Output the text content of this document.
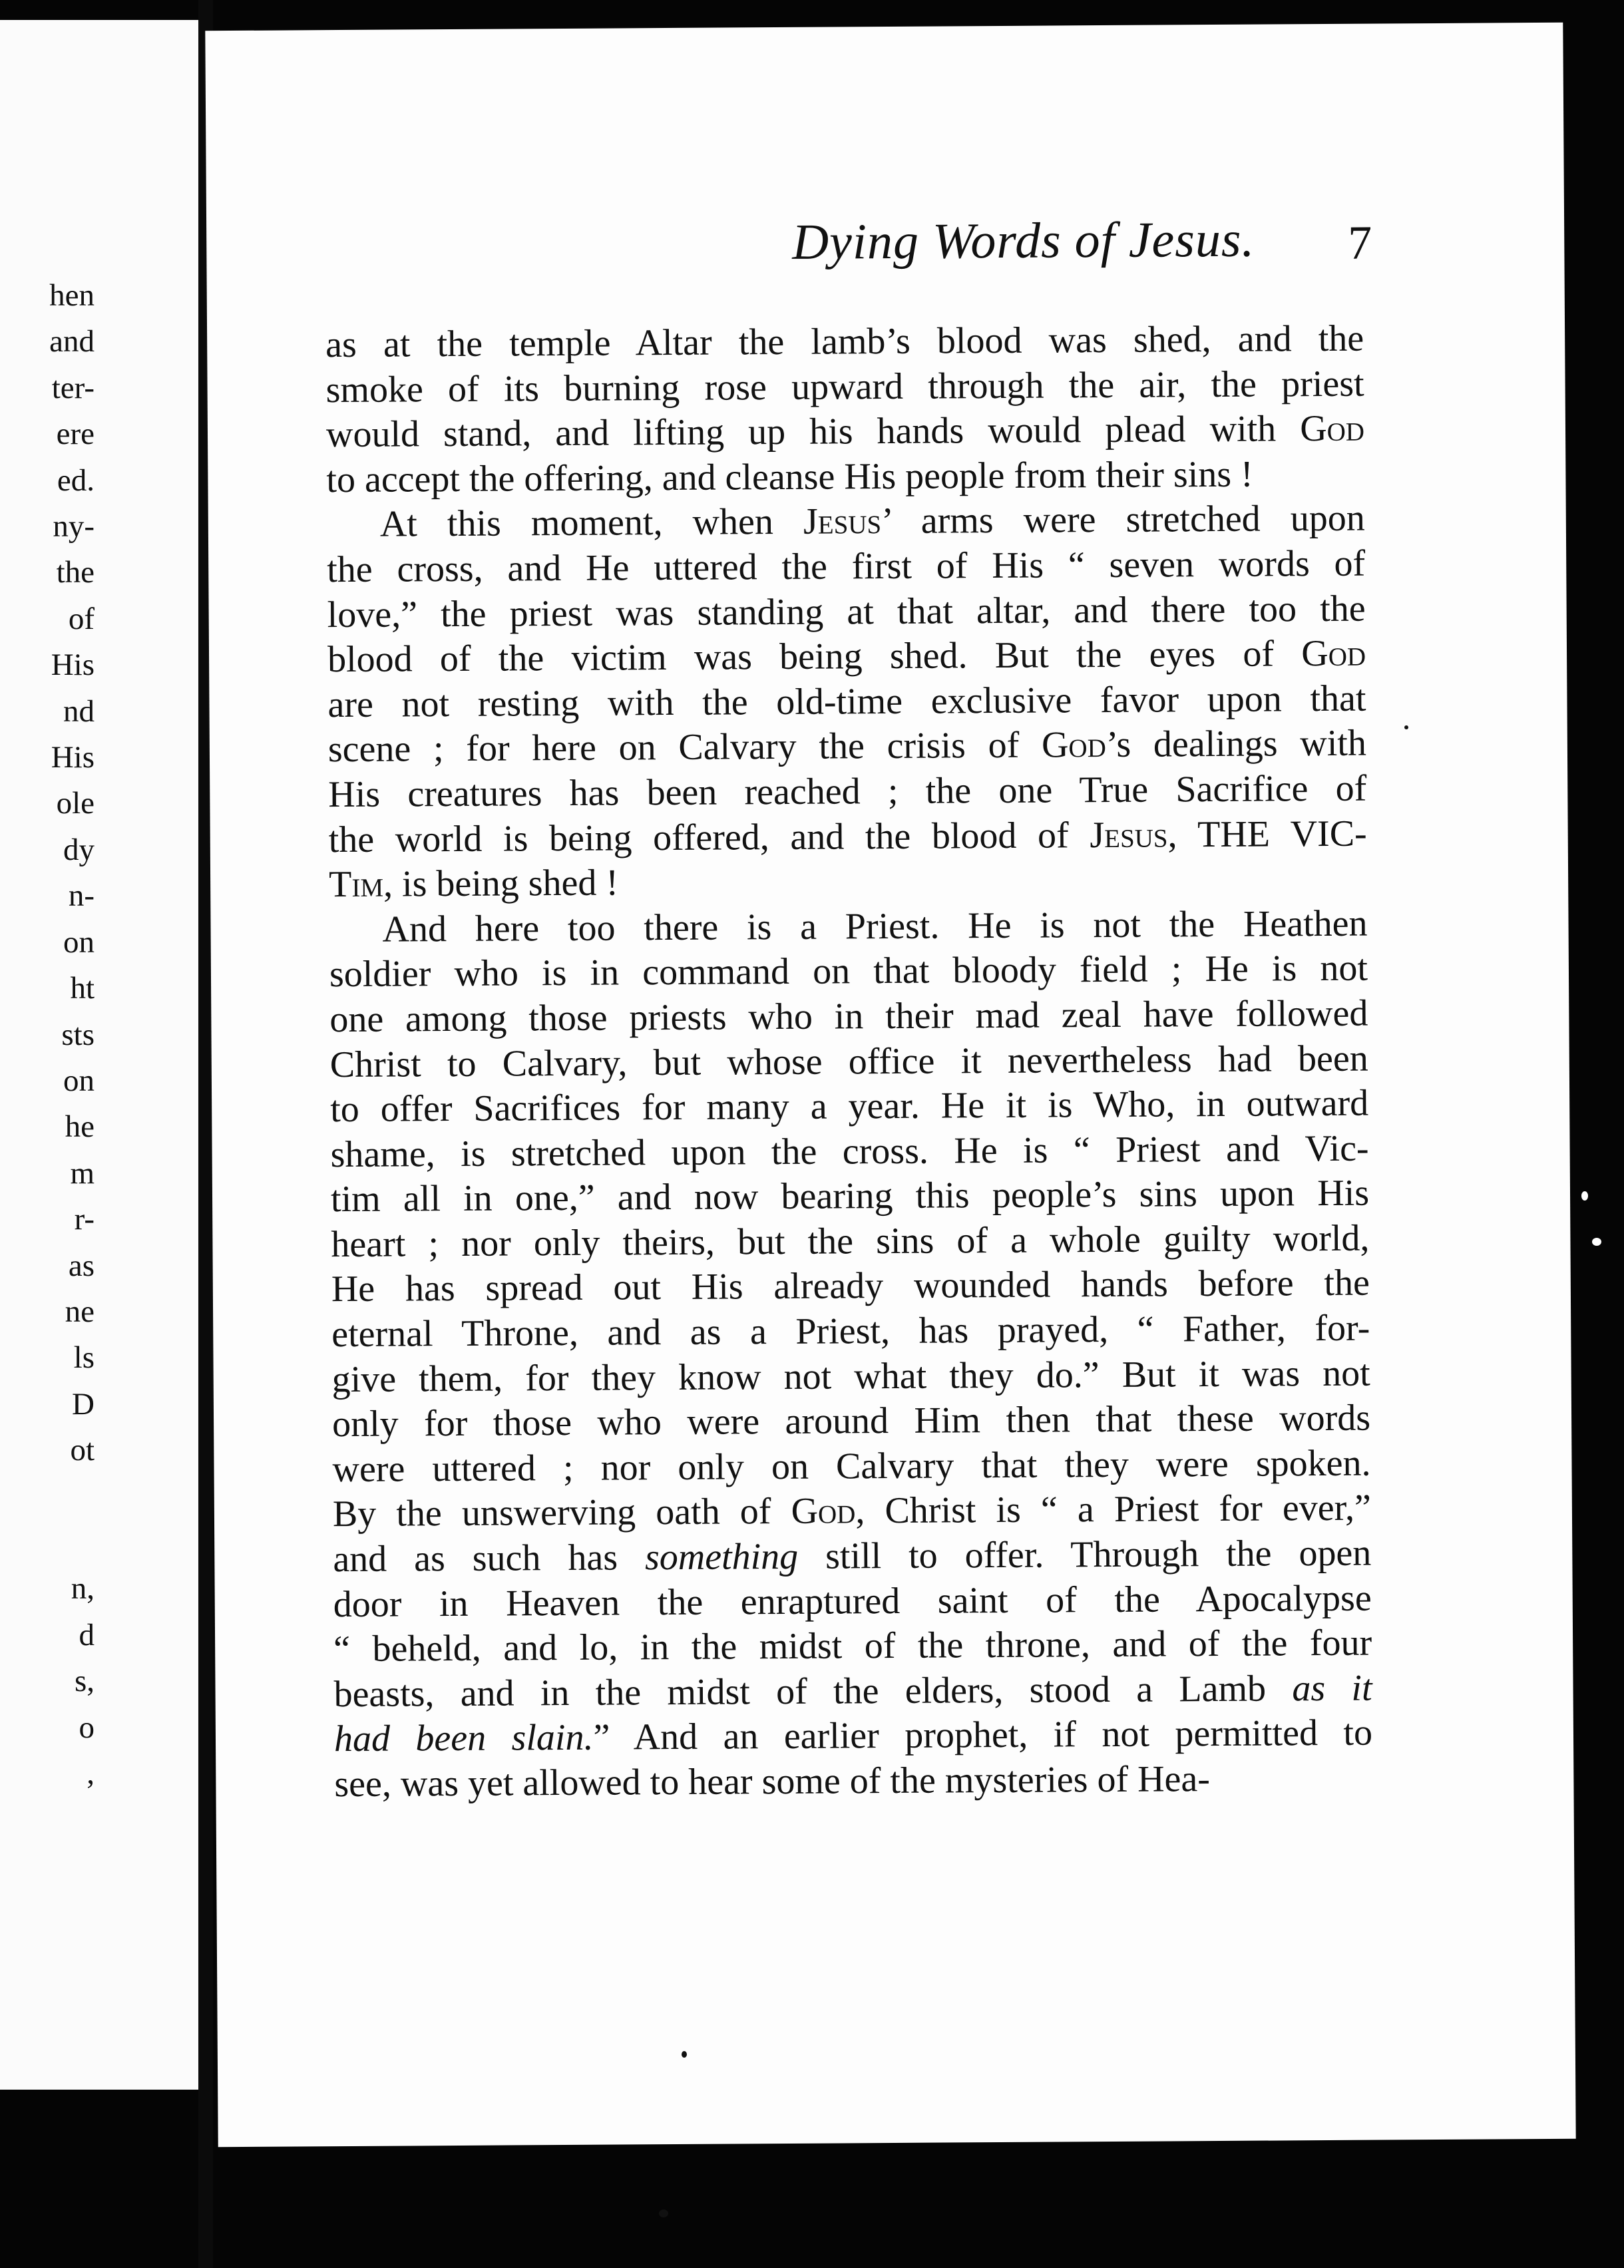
hen
and
ter-
ere
ed.
ny-
the
of
His
nd
His
ole
dy
n-
on
ht
sts
on
he
m
r-
as
ne
ls
D
ot

n,
d
s,
o
,
Dying Words of Jesus. 7
as at the temple Altar the lamb’s blood was shed, and the
smoke of its burning rose upward through the air, the priest
would stand, and lifting up his hands would plead with God
to accept the offering, and cleanse His people from their sins !
At this moment, when Jesus’ arms were stretched upon
the cross, and He uttered the first of His “ seven words of
love,” the priest was standing at that altar, and there too the
blood of the victim was being shed. But the eyes of God
are not resting with the old-time exclusive favor upon that
scene ; for here on Calvary the crisis of God’s dealings with
His creatures has been reached ; the one True Sacrifice of
the world is being offered, and the blood of Jesus, THE VIC-
Tim, is being shed !
And here too there is a Priest. He is not the Heathen
soldier who is in command on that bloody field ; He is not
one among those priests who in their mad zeal have followed
Christ to Calvary, but whose office it nevertheless had been
to offer Sacrifices for many a year. He it is Who, in outward
shame, is stretched upon the cross. He is “ Priest and Vic-
tim all in one,” and now bearing this people’s sins upon His
heart ; nor only theirs, but the sins of a whole guilty world,
He has spread out His already wounded hands before the
eternal Throne, and as a Priest, has prayed, “ Father, for-
give them, for they know not what they do.” But it was not
only for those who were around Him then that these words
were uttered ; nor only on Calvary that they were spoken.
By the unswerving oath of God, Christ is “ a Priest for ever,”
and as such has something still to offer. Through the open
door in Heaven the enraptured saint of the Apocalypse
“ beheld, and lo, in the midst of the throne, and of the four
beasts, and in the midst of the elders, stood a Lamb as it
had been slain.” And an earlier prophet, if not permitted to
see, was yet allowed to hear some of the mysteries of Hea-
